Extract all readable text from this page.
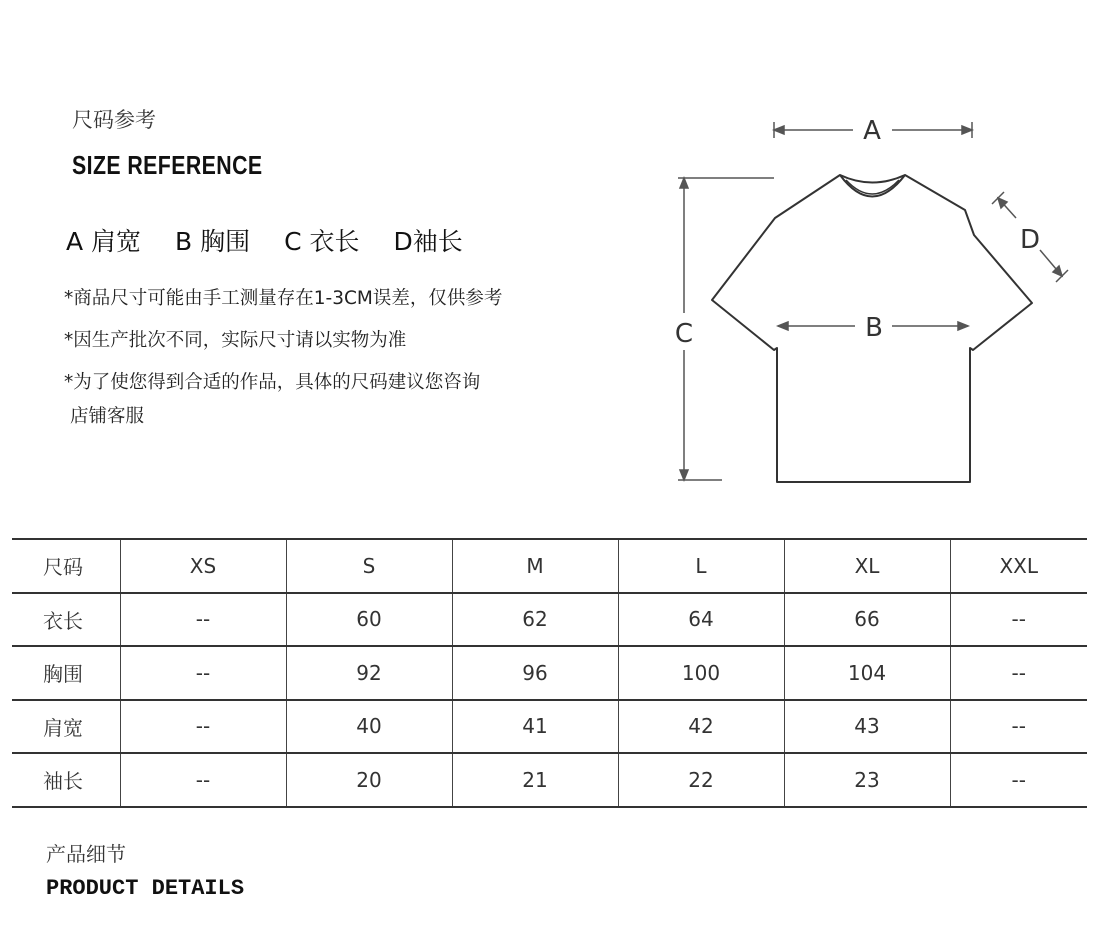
尺码参考
SIZE REFERENCE
A 肩宽 B 胸围 C 衣长 D袖长

*商品尺寸可能由手工测量存在1-3CM误差，仅供参考

*因生产批次不同，实际尺寸请以实物为准

*为了使您得到合适的作品，具体的尺码建议您咨询

店铺客服

A
B
C
D
尺码	XS	S	M	L	XL	XXL
衣长	--	60	62	64	66	--
胸围	--	92	96	100	104	--
肩宽	--	40	41	42	43	--
袖长	--	20	21	22	23	--
产品细节
PRODUCT DETAILS
